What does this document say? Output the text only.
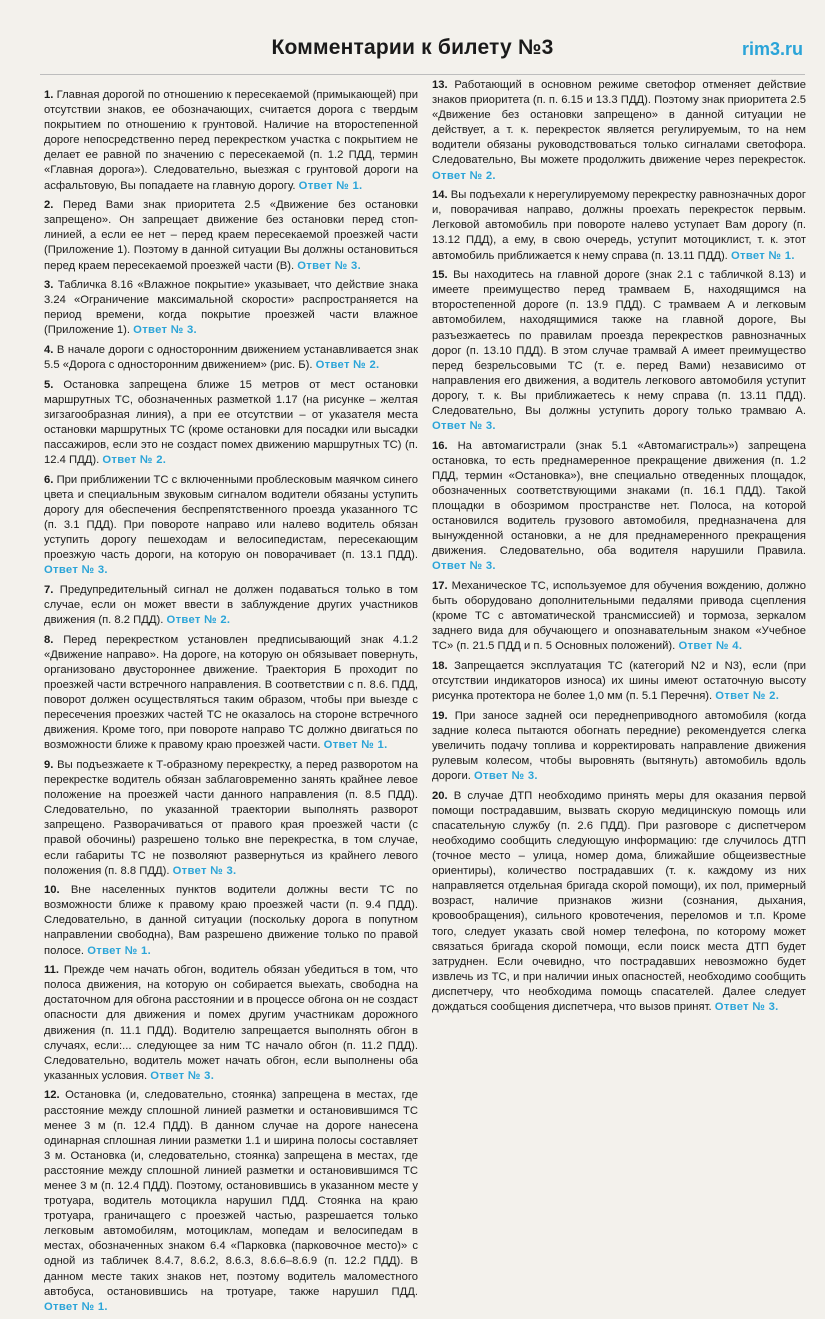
Комментарии к билету №3	rim3.ru

1. Главная дорогой по отношению к пересекаемой (примыкающей) при отсутствии знаков, ее обозначающих, считается дорога с твердым покрытием по отношению к грунтовой. Наличие на второстепенной дороге непосредственно перед перекрестком участка с покрытием не делает ее равной по значению с пересекаемой (п. 1.2 ПДД, термин «Главная дорога»). Следовательно, выезжая с грунтовой дороги на асфальтовую, Вы попадаете на главную дорогу. Ответ № 1.

2. Перед Вами знак приоритета 2.5 «Движение без остановки запрещено». Он запрещает движение без остановки перед стоп-линией, а если ее нет – перед краем пересекаемой проезжей части (Приложение 1). Поэтому в данной ситуации Вы должны остановиться перед краем пересекаемой проезжей части (В). Ответ № 3.

3. Табличка 8.16 «Влажное покрытие» указывает, что действие знака 3.24 «Ограничение максимальной скорости» распространяется на период времени, когда покрытие проезжей части влажное (Приложение 1). Ответ № 3.

4. В начале дороги с односторонним движением устанавливается знак 5.5 «Дорога с односторонним движением» (рис. Б). Ответ № 2.

5. Остановка запрещена ближе 15 метров от мест остановки маршрутных ТС, обозначенных разметкой 1.17 (на рисунке – желтая зигзагообразная линия), а при ее отсутствии – от указателя места остановки маршрутных ТС (кроме остановки для посадки или высадки пассажиров, если это не создаст помех движению маршрутных ТС) (п. 12.4 ПДД). Ответ № 2.

6. При приближении ТС с включенными проблесковым маячком синего цвета и специальным звуковым сигналом водители обязаны уступить дорогу для обеспечения беспрепятственного проезда указанного ТС (п. 3.1 ПДД). При повороте направо или налево водитель обязан уступить дорогу пешеходам и велосипедистам, пересекающим проезжую часть дороги, на которую он поворачивает (п. 13.1 ПДД). Ответ № 3.

7. Предупредительный сигнал не должен подаваться только в том случае, если он может ввести в заблуждение других участников движения (п. 8.2 ПДД). Ответ № 2.

8. Перед перекрестком установлен предписывающий знак 4.1.2 «Движение направо». На дороге, на которую он обязывает повернуть, организовано двустороннее движение. Траектория Б проходит по проезжей части встречного направления. В соответствии с п. 8.6. ПДД, поворот должен осуществляться таким образом, чтобы при выезде с пересечения проезжих частей ТС не оказалось на стороне встречного движения. Кроме того, при повороте направо ТС должно двигаться по возможности ближе к правому краю проезжей части. Ответ № 1.

9. Вы подъезжаете к Т-образному перекрестку, а перед разворотом на перекрестке водитель обязан заблаговременно занять крайнее левое положение на проезжей части данного направления (п. 8.5 ПДД). Следовательно, по указанной траектории выполнять разворот запрещено. Разворачиваться от правого края проезжей части (с правой обочины) разрешено только вне перекрестка, в том случае, если габариты ТС не позволяют развернуться из крайнего левого положения (п. 8.8 ПДД). Ответ № 3.

10. Вне населенных пунктов водители должны вести ТС по возможности ближе к правому краю проезжей части (п. 9.4 ПДД). Следовательно, в данной ситуации (поскольку дорога в попутном направлении свободна), Вам разрешено движение только по правой полосе. Ответ № 1.

11. Прежде чем начать обгон, водитель обязан убедиться в том, что полоса движения, на которую он собирается выехать, свободна на достаточном для обгона расстоянии и в процессе обгона он не создаст опасности для движения и помех другим участникам дорожного движения (п. 11.1 ПДД). Водителю запрещается выполнять обгон в случаях, если:... следующее за ним ТС начало обгон (п. 11.2 ПДД). Следовательно, водитель может начать обгон, если выполнены оба указанных условия. Ответ № 3.

12. Остановка (и, следовательно, стоянка) запрещена в местах, где расстояние между сплошной линией разметки и остановившимся ТС менее 3 м (п. 12.4 ПДД). В данном случае на дороге нанесена одинарная сплошная линии разметки 1.1 и ширина полосы составляет 3 м. Остановка (и, следовательно, стоянка) запрещена в местах, где расстояние между сплошной линией разметки и остановившимся ТС менее 3 м (п. 12.4 ПДД). Поэтому, остановившись в указанном месте у тротуара, водитель мотоцикла нарушил ПДД. Стоянка на краю тротуара, граничащего с проезжей частью, разрешается только легковым автомобилям, мотоциклам, мопедам и велосипедам в местах, обозначенных знаком 6.4 «Парковка (парковочное место)» с одной из табличек 8.4.7, 8.6.2, 8.6.3, 8.6.6–8.6.9 (п. 12.2 ПДД). В данном месте таких знаков нет, поэтому водитель маломестного автобуса, остановившись на тротуаре, также нарушил ПДД. Ответ № 1.

13. Работающий в основном режиме светофор отменяет действие знаков приоритета (п. п. 6.15 и 13.3 ПДД). Поэтому знак приоритета 2.5 «Движение без остановки запрещено» в данной ситуации не действует, а т. к. перекресток является регулируемым, то на нем водители обязаны руководствоваться только сигналами светофора. Следовательно, Вы можете продолжить движение через перекресток. Ответ № 2.

14. Вы подъехали к нерегулируемому перекрестку равнозначных дорог и, поворачивая направо, должны проехать перекресток первым. Легковой автомобиль при повороте налево уступает Вам дорогу (п. 13.12 ПДД), а ему, в свою очередь, уступит мотоциклист, т. к. этот автомобиль приближается к нему справа (п. 13.11 ПДД). Ответ № 1.

15. Вы находитесь на главной дороге (знак 2.1 с табличкой 8.13) и имеете преимущество перед трамваем Б, находящимся на второстепенной дороге (п. 13.9 ПДД). С трамваем А и легковым автомобилем, находящимися также на главной дороге, Вы разъезжаетесь по правилам проезда перекрестков равнозначных дорог (п. 13.10 ПДД). В этом случае трамвай А имеет преимущество перед безрельсовыми ТС (т. е. перед Вами) независимо от направления его движения, а водитель легкового автомобиля уступит дорогу, т. к. Вы приближаетесь к нему справа (п. 13.11 ПДД). Следовательно, Вы должны уступить дорогу только трамваю А. Ответ № 3.

16. На автомагистрали (знак 5.1 «Автомагистраль») запрещена остановка, то есть преднамеренное прекращение движения (п. 1.2 ПДД, термин «Остановка»), вне специально отведенных площадок, обозначенных соответствующими знаками (п. 16.1 ПДД). Такой площадки в обозримом пространстве нет. Полоса, на которой остановился водитель грузового автомобиля, предназначена для вынужденной остановки, а не для преднамеренного прекращения движения. Следовательно, оба водителя нарушили Правила. Ответ № 3.

17. Механическое ТС, используемое для обучения вождению, должно быть оборудовано дополнительными педалями привода сцепления (кроме ТС с автоматической трансмиссией) и тормоза, зеркалом заднего вида для обучающего и опознавательным знаком «Учебное ТС» (п. 21.5 ПДД и п. 5 Основных положений). Ответ № 4.

18. Запрещается эксплуатация ТС (категорий N2 и N3), если (при отсутствии индикаторов износа) их шины имеют остаточную высоту рисунка протектора не более 1,0 мм (п. 5.1 Перечня). Ответ № 2.

19. При заносе задней оси переднеприводного автомобиля (когда задние колеса пытаются обогнать передние) рекомендуется слегка увеличить подачу топлива и корректировать направление движения рулевым колесом, чтобы выровнять (вытянуть) автомобиль вдоль дороги. Ответ № 3.

20. В случае ДТП необходимо принять меры для оказания первой помощи пострадавшим, вызвать скорую медицинскую помощь или спасательную службу (п. 2.6 ПДД). При разговоре с диспетчером необходимо сообщить следующую информацию: где случилось ДТП (точное место – улица, номер дома, ближайшие общеизвестные ориентиры), количество пострадавших (т. к. каждому из них направляется отдельная бригада скорой помощи), их пол, примерный возраст, наличие признаков жизни (сознания, дыхания, кровообращения), сильного кровотечения, переломов и т.п. Кроме того, следует указать свой номер телефона, по которому может связаться бригада скорой помощи, если поиск места ДТП будет затруднен. Если очевидно, что пострадавших невозможно будет извлечь из ТС, и при наличии иных опасностей, необходимо сообщить диспетчеру, что необходима помощь спасателей. Далее следует дождаться сообщения диспетчера, что вызов принят. Ответ № 3.
